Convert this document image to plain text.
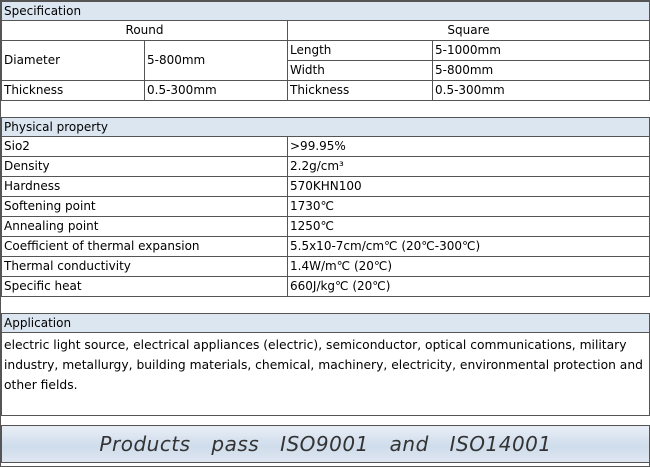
Specification			
Round		Square	
Diameter	5-800mm	Length	5-1000mm
		Width	5-800mm
Thickness	0.5-300mm	Thickness	0.5-300mm

Physical property			
Sio2		>99.95%	
Density		2.2g/cm³	
Hardness		570KHN100	
Softening point		1730℃	
Annealing point		1250℃	
Coefficient of thermal expansion		5.5x10-7cm/cm℃ (20℃-300℃)	
Thermal conductivity		1.4W/m℃ (20℃)	
Specific heat		660J/kg℃ (20℃)	

Application			
electric light source, electrical appliances (electric), semiconductor, optical communications, military industry, metallurgy, building materials, chemical, machinery, electricity, environmental protection and other fields.			

Products pass ISO9001 and ISO14001			
